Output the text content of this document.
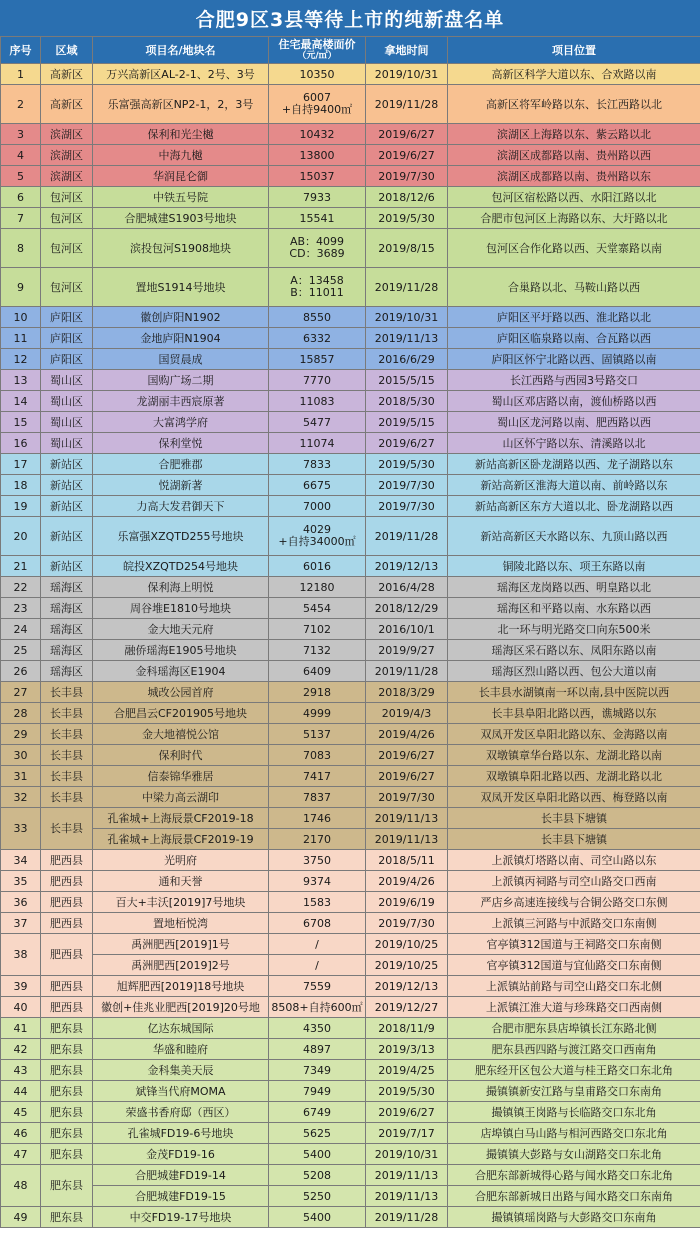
合肥9区3县等待上市的纯新盘名单
序号	区域	项目名/地块名	住宅最高楼面价
（元/㎡）	拿地时间	项目位置
1	高新区	万兴高新区AL-2-1、2号、3号	10350	2019/10/31	高新区科学大道以东、合欢路以南
2	高新区	乐富强高新区NP2-1，2，3号	6007
+自持9400㎡	2019/11/28	高新区将军岭路以东、长江西路以北
3	滨湖区	保利和光尘樾	10432	2019/6/27	滨湖区上海路以东、紫云路以北
4	滨湖区	中海九樾	13800	2019/6/27	滨湖区成都路以南、贵州路以西
5	滨湖区	华润昆仑御	15037	2019/7/30	滨湖区成都路以南、贵州路以东
6	包河区	中铁五号院	7933	2018/12/6	包河区宿松路以西、水阳江路以北
7	包河区	合肥城建S1903号地块	15541	2019/5/30	合肥市包河区上海路以东、大圩路以北
8	包河区	滨投包河S1908地块	AB：4099
CD：3689	2019/8/15	包河区合作化路以西、天堂寨路以南
9	包河区	置地S1914号地块	A：13458
B：11011	2019/11/28	合巢路以北、马鞍山路以西
10	庐阳区	徽创庐阳N1902	8550	2019/10/31	庐阳区平圩路以西、淮北路以北
11	庐阳区	金地庐阳N1904	6332	2019/11/13	庐阳区临泉路以南、合瓦路以西
12	庐阳区	国贸晨成	15857	2016/6/29	庐阳区怀宁北路以西、固镇路以南
13	蜀山区	国购广场二期	7770	2015/5/15	长江西路与西园3号路交口
14	蜀山区	龙湖丽丰西宸原著	11083	2018/5/30	蜀山区邓店路以南，渡仙桥路以西
15	蜀山区	大富鸿学府	5477	2019/5/15	蜀山区龙河路以南、肥西路以西
16	蜀山区	保利堂悦	11074	2019/6/27	山区怀宁路以东、清溪路以北
17	新站区	合肥雅郡	7833	2019/5/30	新站高新区卧龙湖路以西、龙子湖路以东
18	新站区	悦湖新著	6675	2019/7/30	新站高新区淮海大道以南、前岭路以东
19	新站区	力高大发君御天下	7000	2019/7/30	新站高新区东方大道以北、卧龙湖路以西
20	新站区	乐富强XZQTD255号地块	4029
+自持34000㎡	2019/11/28	新站高新区天水路以东、九顶山路以西
21	新站区	皖投XZQTD254号地块	6016	2019/12/13	铜陵北路以东、项王东路以南
22	瑶海区	保利海上明悦	12180	2016/4/28	瑶海区龙岗路以西、明皇路以北
23	瑶海区	周谷堆E1810号地块	5454	2018/12/29	瑶海区和平路以南、水东路以西
24	瑶海区	金大地天元府	7102	2016/10/1	北一环与明光路交口向东500米
25	瑶海区	融侨瑶海E1905号地块	7132	2019/9/27	瑶海区采石路以东、凤阳东路以南
26	瑶海区	金科瑶海区E1904	6409	2019/11/28	瑶海区烈山路以西、包公大道以南
27	长丰县	城改公园首府	2918	2018/3/29	长丰县水湖镇南一环以南,县中医院以西
28	长丰县	合肥昌云CF201905号地块	4999	2019/4/3	长丰县阜阳北路以西，谯城路以东
29	长丰县	金大地禧悦公馆	5137	2019/4/26	双凤开发区阜阳北路以东、金海路以南
30	长丰县	保利时代	7083	2019/6/27	双墩镇章华台路以东、龙湖北路以南
31	长丰县	信泰锦华雅居	7417	2019/6/27	双墩镇阜阳北路以西、龙湖北路以北
32	长丰县	中梁力高云湖印	7837	2019/7/30	双凤开发区阜阳北路以西、梅登路以南
33	长丰县	孔雀城+上海辰景CF2019-18	1746	2019/11/13	长丰县下塘镇
		孔雀城+上海辰景CF2019-19	2170	2019/11/13	长丰县下塘镇
34	肥西县	光明府	3750	2018/5/11	上派镇灯塔路以南、司空山路以东
35	肥西县	通和天誉	9374	2019/4/26	上派镇丙祠路与司空山路交口西南
36	肥西县	百大+丰沃[2019]7号地块	1583	2019/6/19	严店乡高速连接线与合铜公路交口东侧
37	肥西县	置地栢悦湾	6708	2019/7/30	上派镇三河路与中派路交口东南侧
38	肥西县	禹洲肥西[2019]1号	/	2019/10/25	官亭镇312国道与王祠路交口东南侧
		禹洲肥西[2019]2号	/	2019/10/25	官亭镇312国道与宜仙路交口东南侧
39	肥西县	旭辉肥西[2019]18号地块	7559	2019/12/13	上派镇站前路与司空山路交口东北侧
40	肥西县	徽创+佳兆业肥西[2019]20号地	8508+自持600㎡	2019/12/27	上派镇江淮大道与珍珠路交口西南侧
41	肥东县	亿达东城国际	4350	2018/11/9	合肥市肥东县店埠镇长江东路北侧
42	肥东县	华盛和睦府	4897	2019/3/13	肥东县西四路与渡江路交口西南角
43	肥东县	金科集美天辰	7349	2019/4/25	肥东经开区包公大道与桂王路交口东北角
44	肥东县	斌锋当代府MOMA	7949	2019/5/30	撮镇镇新安江路与皇甫路交口东南角
45	肥东县	荣盛书香府邸（西区）	6749	2019/6/27	撮镇镇王岗路与长临路交口东北角
46	肥东县	孔雀城FD19-6号地块	5625	2019/7/17	店埠镇白马山路与相河西路交口东北角
47	肥东县	金茂FD19-16	5400	2019/10/31	撮镇镇大彭路与女山湖路交口东北角
48	肥东县	合肥城建FD19-14	5208	2019/11/13	合肥东部新城得心路与闻水路交口东北角
		合肥城建FD19-15	5250	2019/11/13	合肥东部新城日出路与闻水路交口东南角
49	肥东县	中交FD19-17号地块	5400	2019/11/28	撮镇镇瑶岗路与大彭路交口东南角
